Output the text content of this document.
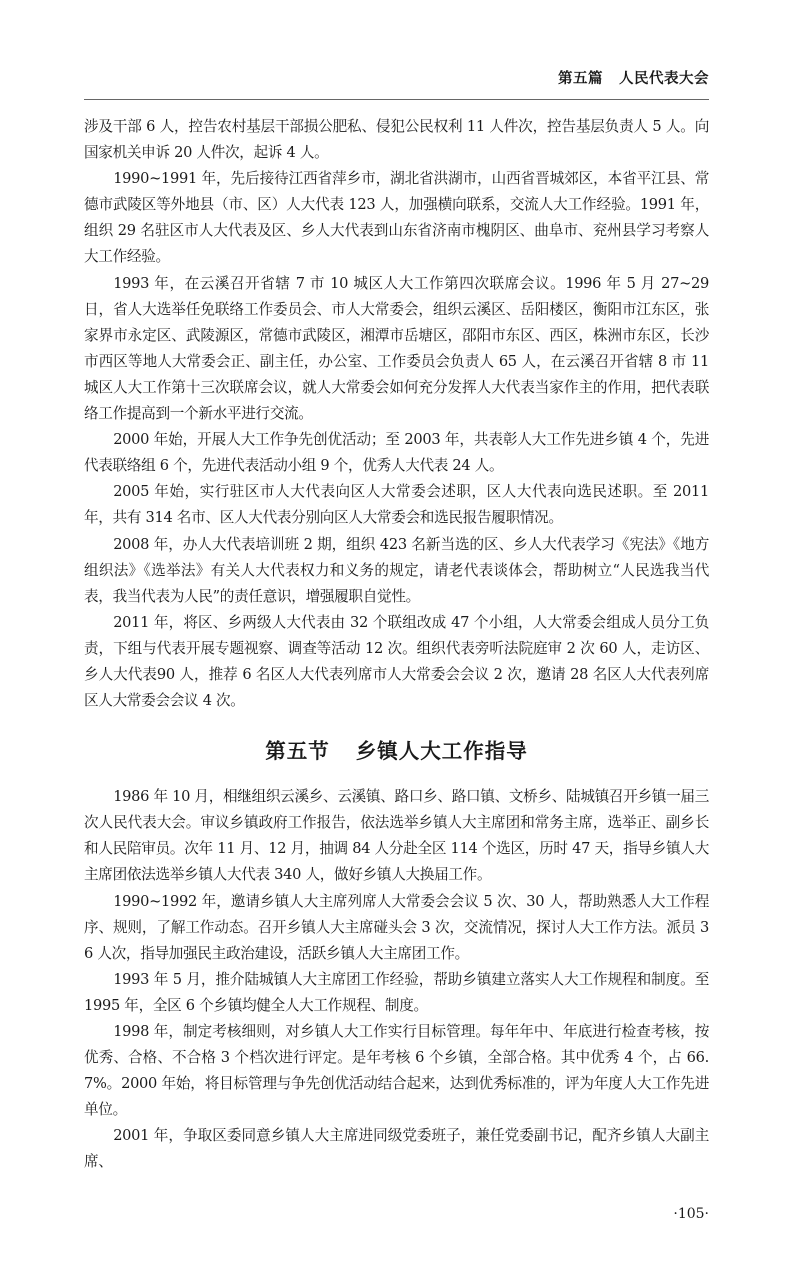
第五篇 人民代表大会

涉及干部 6 人，控告农村基层干部损公肥私、侵犯公民权利 11 人件次，控告基层负责人 5 人。向国家机关申诉 20 人件次，起诉 4 人。

1990~1991 年，先后接待江西省萍乡市，湖北省洪湖市，山西省晋城郊区，本省平江县、常德市武陵区等外地县（市、区）人大代表 123 人，加强横向联系，交流人大工作经验。1991 年，组织 29 名驻区市人大代表及区、乡人大代表到山东省济南市槐阴区、曲阜市、兖州县学习考察人大工作经验。

1993 年，在云溪召开省辖 7 市 10 城区人大工作第四次联席会议。1996 年 5 月 27~29 日，省人大选举任免联络工作委员会、市人大常委会，组织云溪区、岳阳楼区，衡阳市江东区，张家界市永定区、武陵源区，常德市武陵区，湘潭市岳塘区，邵阳市东区、西区，株洲市东区，长沙市西区等地人大常委会正、副主任，办公室、工作委员会负责人 65 人，在云溪召开省辖 8 市 11 城区人大工作第十三次联席会议，就人大常委会如何充分发挥人大代表当家作主的作用，把代表联络工作提高到一个新水平进行交流。

2000 年始，开展人大工作争先创优活动；至 2003 年，共表彰人大工作先进乡镇 4 个，先进代表联络组 6 个，先进代表活动小组 9 个，优秀人大代表 24 人。

2005 年始，实行驻区市人大代表向区人大常委会述职，区人大代表向选民述职。至 2011 年，共有 314 名市、区人大代表分别向区人大常委会和选民报告履职情况。

2008 年，办人大代表培训班 2 期，组织 423 名新当选的区、乡人大代表学习《宪法》《地方组织法》《选举法》有关人大代表权力和义务的规定，请老代表谈体会，帮助树立“人民选我当代表，我当代表为人民”的责任意识，增强履职自觉性。

2011 年，将区、乡两级人大代表由 32 个联组改成 47 个小组，人大常委会组成人员分工负责，下组与代表开展专题视察、调查等活动 12 次。组织代表旁听法院庭审 2 次 60 人，走访区、乡人大代表90 人，推荐 6 名区人大代表列席市人大常委会会议 2 次，邀请 28 名区人大代表列席区人大常委会会议 4 次。

第五节 乡镇人大工作指导

1986 年 10 月，相继组织云溪乡、云溪镇、路口乡、路口镇、文桥乡、陆城镇召开乡镇一届三次人民代表大会。审议乡镇政府工作报告，依法选举乡镇人大主席团和常务主席，选举正、副乡长和人民陪审员。次年 11 月、12 月，抽调 84 人分赴全区 114 个选区，历时 47 天，指导乡镇人大主席团依法选举乡镇人大代表 340 人，做好乡镇人大换届工作。

1990~1992 年，邀请乡镇人大主席列席人大常委会会议 5 次、30 人，帮助熟悉人大工作程序、规则，了解工作动态。召开乡镇人大主席碰头会 3 次，交流情况，探讨人大工作方法。派员 36 人次，指导加强民主政治建设，活跃乡镇人大主席团工作。

1993 年 5 月，推介陆城镇人大主席团工作经验，帮助乡镇建立落实人大工作规程和制度。至 1995 年，全区 6 个乡镇均健全人大工作规程、制度。

1998 年，制定考核细则，对乡镇人大工作实行目标管理。每年年中、年底进行检查考核，按优秀、合格、不合格 3 个档次进行评定。是年考核 6 个乡镇，全部合格。其中优秀 4 个，占 66.7%。2000 年始，将目标管理与争先创优活动结合起来，达到优秀标准的，评为年度人大工作先进单位。

2001 年，争取区委同意乡镇人大主席进同级党委班子，兼任党委副书记，配齐乡镇人大副主席、

·105·
